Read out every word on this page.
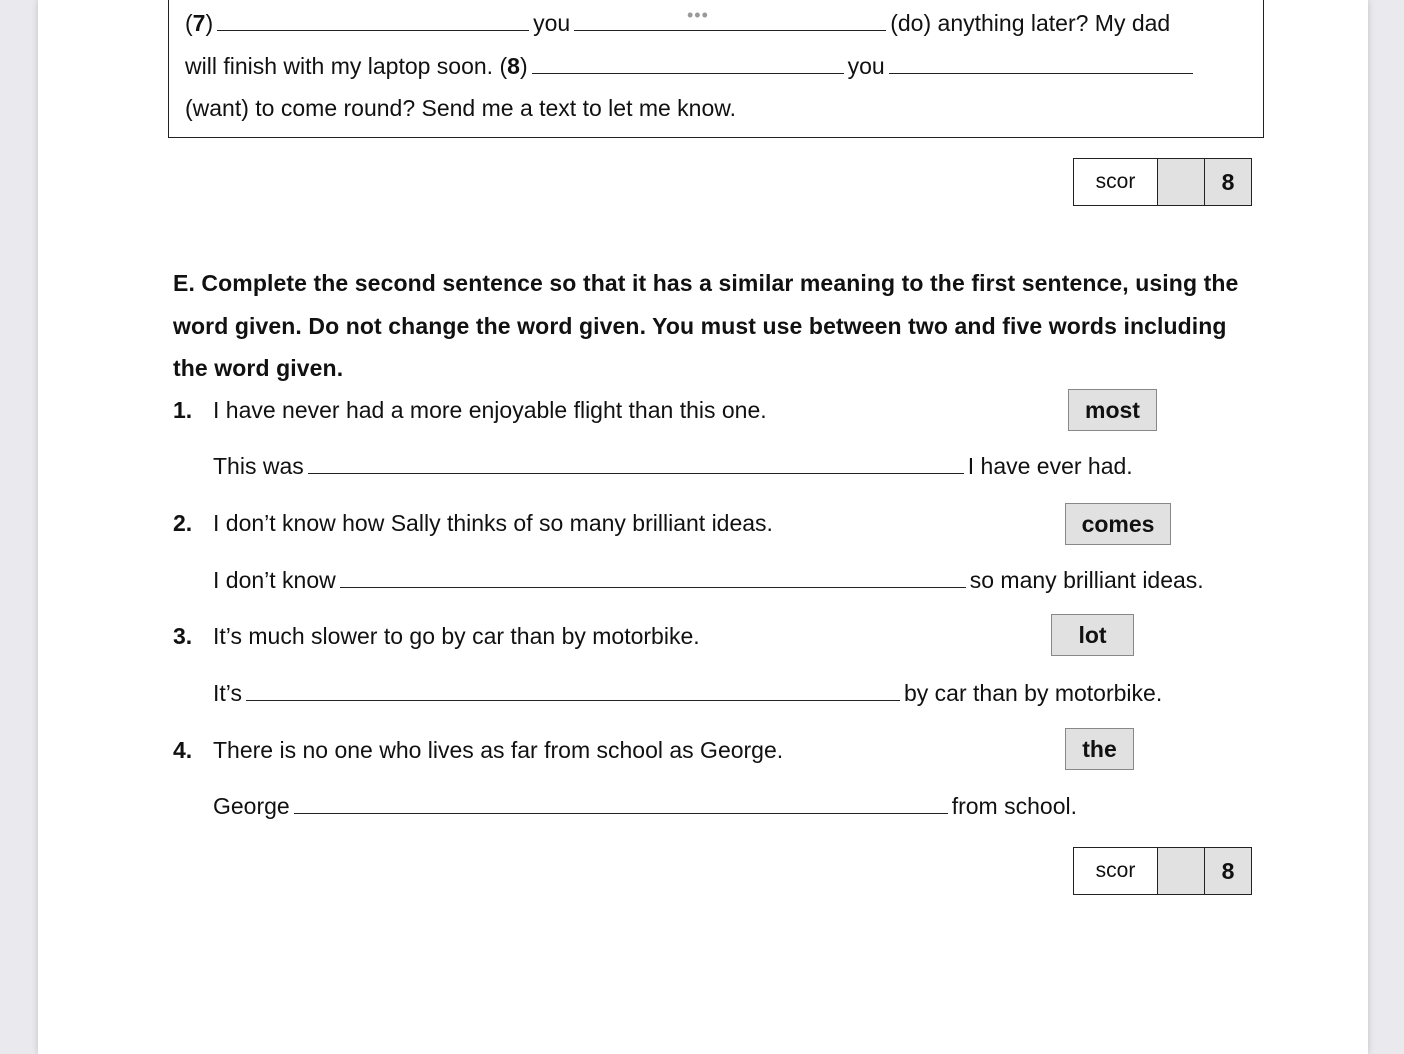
•••
(7)	you	(do) anything later? My dad
will finish with my laptop soon. (8)	you
(want) to come round? Send me a text to let me know.
scor	8
E. Complete the second sentence so that it has a similar meaning to the first sentence, using the word given. Do not change the word given. You must use between two and five words including the word given.
1. I have never had a more enjoyable flight than this one.	most
This was	I have ever had.
2. I don’t know how Sally thinks of so many brilliant ideas.	comes
I don’t know	so many brilliant ideas.
3. It’s much slower to go by car than by motorbike.	lot
It’s	by car than by motorbike.
4. There is no one who lives as far from school as George.	the
George	from school.
scor	8
